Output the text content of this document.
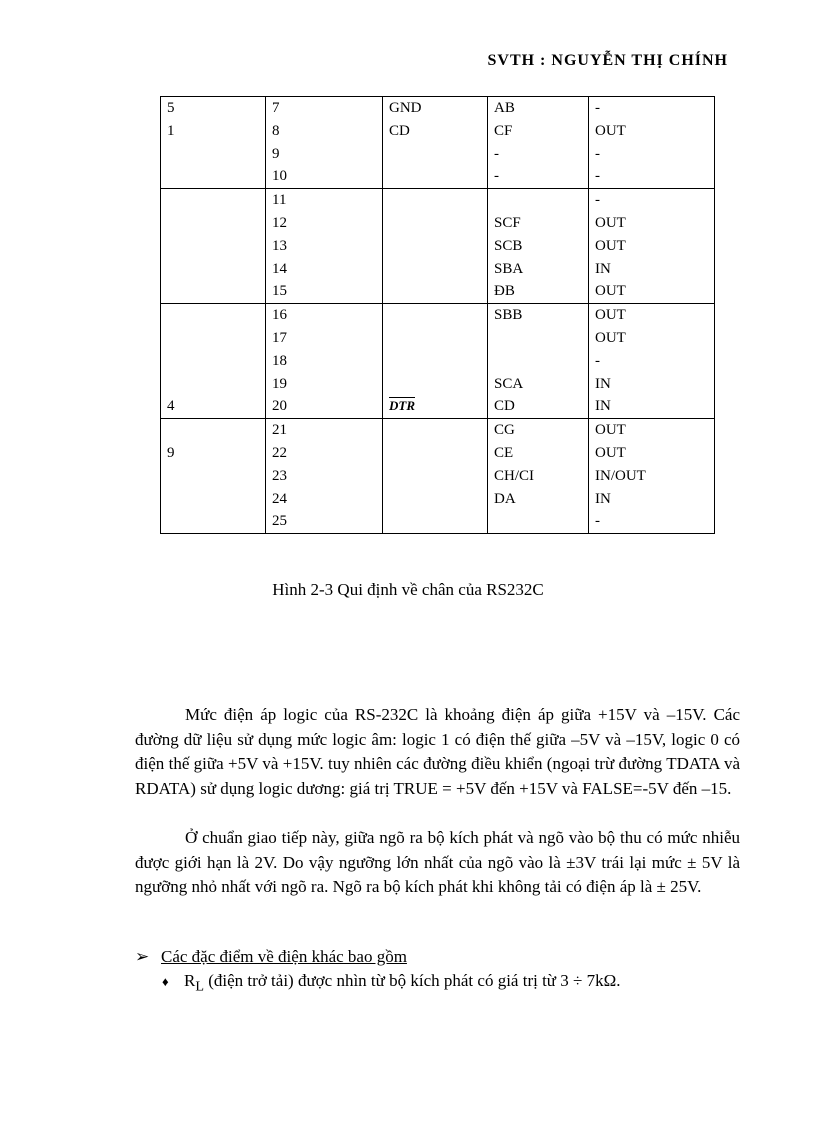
SVTH : NGUYỄN THỊ CHÍNH
5	7	GND	AB	-
1	8	CD	CF	OUT
	9		-	-
	10		-	-
	11			-
	12		SCF	OUT
	13		SCB	OUT
	14		SBA	IN
	15		ĐB	OUT
	16		SBB	OUT
	17			OUT
	18			-
	19		SCA	IN
4	20	$\overline{DTR}$	CD	IN
	21		CG	OUT
9	22		CE	OUT
	23		CH/CI	IN/OUT
	24		DA	IN
	25			-
Hình 2-3 Qui định về chân của RS232C

Mức điện áp logic của RS-232C là khoảng điện áp giữa +15V và –15V. Các đường dữ liệu sử dụng mức logic âm: logic 1 có điện thế giữa –5V và –15V, logic 0 có điện thế giữa +5V và +15V. tuy nhiên các đường điều khiển (ngoại trừ đường TDATA và RDATA) sử dụng logic dương: giá trị TRUE = +5V đến +15V và FALSE=-5V đến –15.

Ở chuẩn giao tiếp này, giữa ngõ ra bộ kích phát và ngõ vào bộ thu có mức nhiễu được giới hạn là 2V. Do vậy ngưỡng lớn nhất của ngõ vào là ±3V trái lại mức ± 5V là ngưỡng nhỏ nhất với ngõ ra. Ngõ ra bộ kích phát khi không tải có điện áp là ± 25V.

➢ Các đặc điểm về điện khác bao gồm
♦ $R_L$ (điện trở tải) được nhìn từ bộ kích phát có giá trị từ 3 ÷ 7kΩ.
